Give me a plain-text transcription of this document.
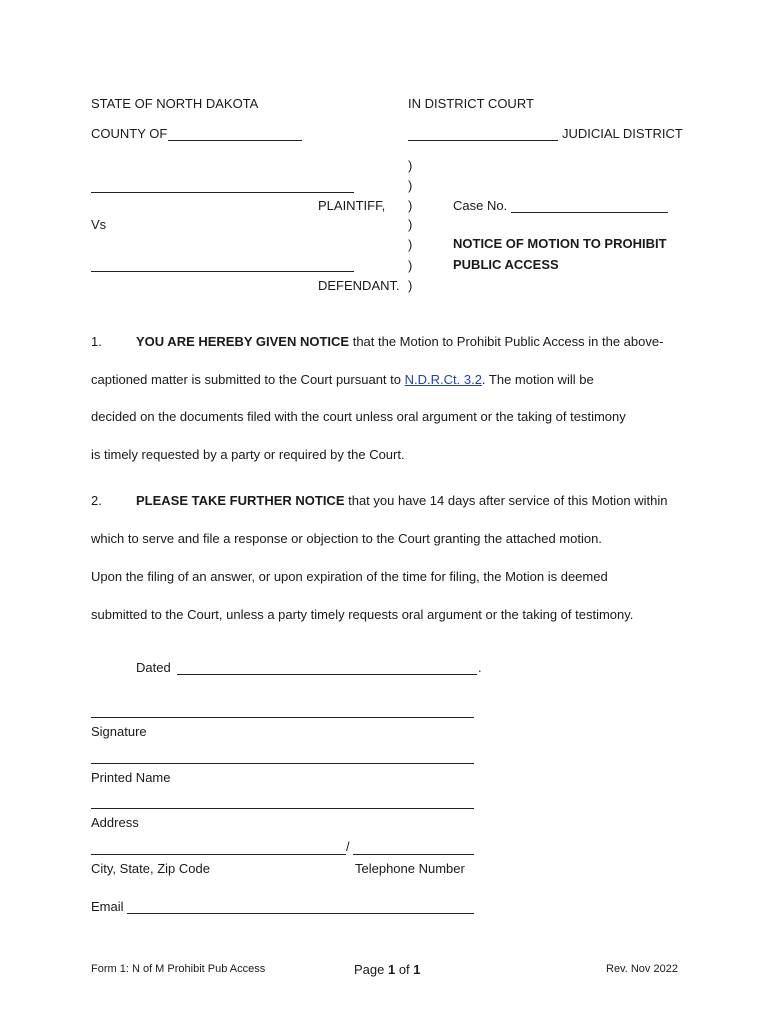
STATE OF NORTH DAKOTA	IN DISTRICT COURT
COUNTY OF	JUDICIAL DISTRICT
PLAINTIFF,
Vs
DEFENDANT.
)
)
)
)
)
)
)
Case No.
NOTICE OF MOTION TO PROHIBIT
PUBLIC ACCESS
1.	YOU ARE HEREBY GIVEN NOTICE that the Motion to Prohibit Public Access in the above-
captioned matter is submitted to the Court pursuant to N.D.R.Ct. 3.2. The motion will be
decided on the documents filed with the court unless oral argument or the taking of testimony
is timely requested by a party or required by the Court.
2.	PLEASE TAKE FURTHER NOTICE that you have 14 days after service of this Motion within
which to serve and file a response or objection to the Court granting the attached motion.
Upon the filing of an answer, or upon expiration of the time for filing, the Motion is deemed
submitted to the Court, unless a party timely requests oral argument or the taking of testimony.
Dated	.
Signature
Printed Name
Address
/
City, State, Zip Code	Telephone Number
Email
Form 1: N of M Prohibit Pub Access	Page 1 of 1	Rev. Nov 2022
